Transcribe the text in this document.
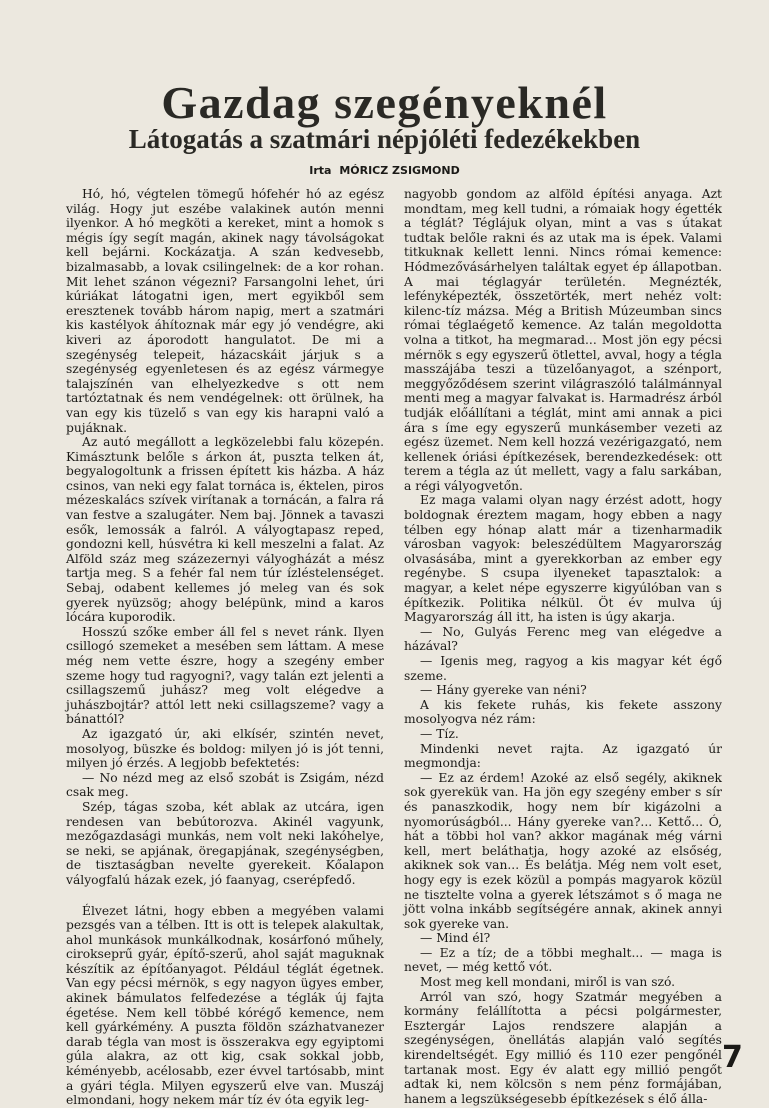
Gazdag szegényeknél
Látogatás a szatmári népjóléti fedezékekben
Irta MÓRICZ ZSIGMOND

Hó, hó, végtelen tömegű hófehér hó az egész világ. Hogy jut eszébe valakinek autón menni ilyenkor. A hó megköti a kereket, mint a homok s mégis így segít magán, akinek nagy távolságokat kell bejárni. Kockázatja. A szán kedvesebb, bizalmasabb, a lovak csilingelnek: de a kor rohan. Mit lehet szánon végezni? Farsangolni lehet, úri kúriákat látogatni igen, mert egyikből sem eresztenek tovább három napig, mert a szatmári kis kastélyok áhítoznak már egy jó vendégre, aki kiveri az áporodott hangulatot. De mi a szegénység telepeit, házacskáit járjuk s a szegénység egyenletesen és az egész vármegye talajszínén van elhelyezkedve s ott nem tartóztatnak és nem vendégelnek: ott örülnek, ha van egy kis tüzelő s van egy kis harapni való a pujáknak.

Az autó megállott a legközelebbi falu közepén. Kimásztunk belőle s árkon át, puszta telken át, begyalogoltunk a frissen épített kis házba. A ház csinos, van neki egy falat tornáca is, éktelen, piros mézeskalács szívek virítanak a tornácán, a falra rá van festve a szalugáter. Nem baj. Jönnek a tavaszi esők, lemossák a falról. A vályogtapasz reped, gondozni kell, húsvétra ki kell meszelni a falat. Az Alföld száz meg százezernyi vályogházát a mész tartja meg. S a fehér fal nem túr ízléstelenséget. Sebaj, odabent kellemes jó meleg van és sok gyerek nyüzsög; ahogy belépünk, mind a karos lócára kuporodik.

Hosszú szőke ember áll fel s nevet ránk. Ilyen csillogó szemeket a mesében sem láttam. A mese még nem vette észre, hogy a szegény ember szeme hogy tud ragyogni?, vagy talán ezt jelenti a csillagszemű juhász? meg volt elégedve a juhászbojtár? attól lett neki csillagszeme? vagy a bánattól?

Az igazgató úr, aki elkísér, szintén nevet, mosolyog, büszke és boldog: milyen jó is jót tenni, milyen jó érzés. A legjobb befektetés:

— No nézd meg az első szobát is Zsigám, nézd csak meg.

Szép, tágas szoba, két ablak az utcára, igen rendesen van bebútorozva. Akinél vagyunk, mezőgazdasági munkás, nem volt neki lakóhelye, se neki, se apjának, öregapjának, szegénységben, de tisztaságban nevelte gyerekeit. Kőalapon vályogfalú házak ezek, jó faanyag, cserépfedő.

Élvezet látni, hogy ebben a megyében valami pezsgés van a télben. Itt is ott is telepek alakultak, ahol munkások munkálkodnak, kosárfonó műhely, cirokseprű gyár, építő-szerű, ahol saját maguknak készítik az építőanyagot. Például téglát égetnek. Van egy pécsi mérnök, s egy nagyon ügyes ember, akinek bámulatos felfedezése a téglák új fajta égetése. Nem kell többé kórégő kemence, nem kell gyárkémény. A puszta földön százhatvanezer darab tégla van most is összerakva egy egyiptomi gúla alakra, az ott kig, csak sokkal jobb, kéményebb, acélosabb, ezer évvel tartósabb, mint a gyári tégla. Milyen egyszerű elve van. Muszáj elmondani, hogy nekem már tíz év óta egyik leg-

nagyobb gondom az alföld építési anyaga. Azt mondtam, meg kell tudni, a rómaiak hogy égették a téglát? Téglájuk olyan, mint a vas s útakat tudtak belőle rakni és az utak ma is épek. Valami titkuknak kellett lenni. Nincs római kemence: Hódmezővásárhelyen találtak egyet ép állapotban. A mai téglagyár területén. Megnézték, lefényképezték, összetörték, mert nehéz volt: kilenc-tíz mázsa. Még a British Múzeumban sincs római téglaégető kemence. Az talán megoldotta volna a titkot, ha megmarad... Most jön egy pécsi mérnök s egy egyszerű ötlettel, avval, hogy a tégla masszájába teszi a tüzelőanyagot, a szénport, meggyőződésem szerint világraszóló találmánnyal menti meg a magyar falvakat is. Harmadrész árból tudják előállítani a téglát, mint ami annak a pici ára s íme egy egyszerű munkásember vezeti az egész üzemet. Nem kell hozzá vezérigazgató, nem kellenek óriási építkezések, berendezkedések: ott terem a tégla az út mellett, vagy a falu sarkában, a régi vályogvetőn.

Ez maga valami olyan nagy érzést adott, hogy boldognak éreztem magam, hogy ebben a nagy télben egy hónap alatt már a tizenharmadik városban vagyok: beleszédültem Magyarország olvasásába, mint a gyerekkorban az ember egy regénybe. S csupa ilyeneket tapasztalok: a magyar, a kelet népe egyszerre kigyúlóban van s építkezik. Politika nélkül. Öt év mulva új Magyarország áll itt, ha isten is úgy akarja.

— No, Gulyás Ferenc meg van elégedve a házával?

— Igenis meg, ragyog a kis magyar két égő szeme.

— Hány gyereke van néni?

A kis fekete ruhás, kis fekete asszony mosolyogva néz rám:

— Tíz.

Mindenki nevet rajta. Az igazgató úr megmondja:

— Ez az érdem! Azoké az első segély, akiknek sok gyerekük van. Ha jön egy szegény ember s sír és panaszkodik, hogy nem bír kigázolni a nyomorúságból... Hány gyereke van?... Kettő... Ó, hát a többi hol van? akkor magának még várni kell, mert beláthatja, hogy azoké az elsőség, akiknek sok van... És belátja. Még nem volt eset, hogy egy is ezek közül a pompás magyarok közül ne tisztelte volna a gyerek létszámot s ő maga ne jött volna inkább segítségére annak, akinek annyi sok gyereke van.

— Mind él?

— Ez a tíz; de a többi meghalt... — maga is nevet, — még kettő vót.

Most meg kell mondani, miről is van szó.

Arról van szó, hogy Szatmár megyében a kormány felállította a pécsi polgármester, Esztergár Lajos rendszere alapján a szegénységen, önellátás alapján való segítés kirendeltségét. Egy millió és 110 ezer pengőnél tartanak most. Egy év alatt egy millió pengőt adtak ki, nem kölcsön s nem pénz formájában, hanem a legszükségesebb építkezések s élő álla-

7
